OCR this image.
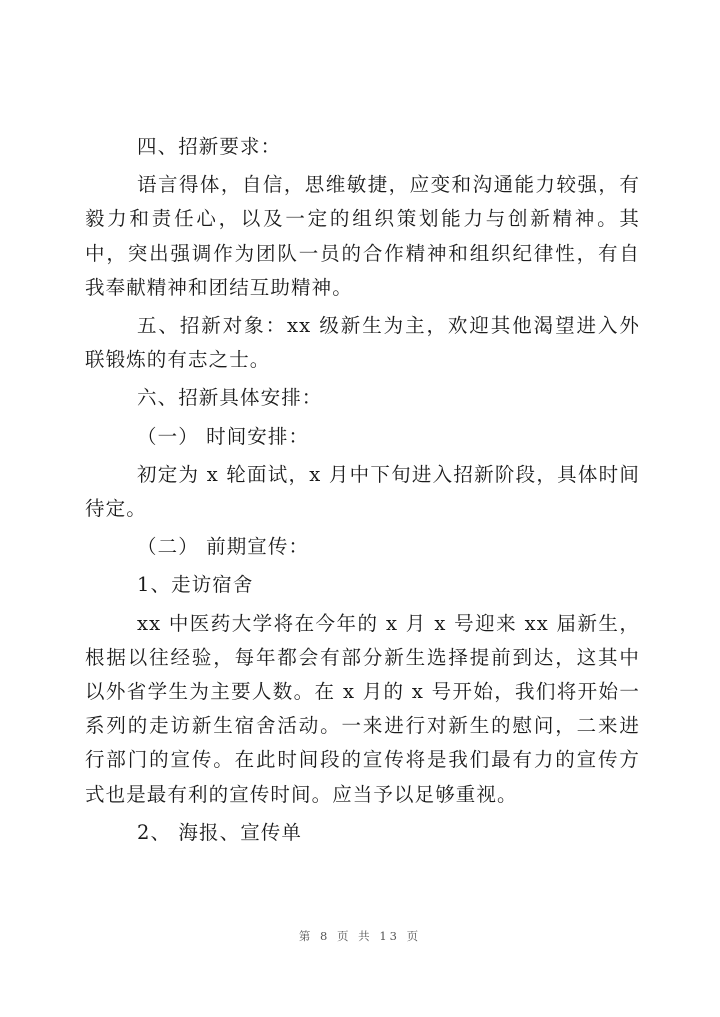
四、招新要求：

语言得体，自信，思维敏捷，应变和沟通能力较强，有毅力和责任心，以及一定的组织策划能力与创新精神。其中，突出强调作为团队一员的合作精神和组织纪律性，有自我奉献精神和团结互助精神。

五、招新对象：xx 级新生为主，欢迎其他渴望进入外联锻炼的有志之士。

六、招新具体安排：

（一） 时间安排：

初定为 x 轮面试，x 月中下旬进入招新阶段，具体时间待定。

（二） 前期宣传：

1、走访宿舍

xx 中医药大学将在今年的 x 月 x 号迎来 xx 届新生，根据以往经验，每年都会有部分新生选择提前到达，这其中以外省学生为主要人数。在 x 月的 x 号开始，我们将开始一系列的走访新生宿舍活动。一来进行对新生的慰问，二来进行部门的宣传。在此时间段的宣传将是我们最有力的宣传方式也是最有利的宣传时间。应当予以足够重视。

2、 海报、宣传单

第 8 页 共 13 页
